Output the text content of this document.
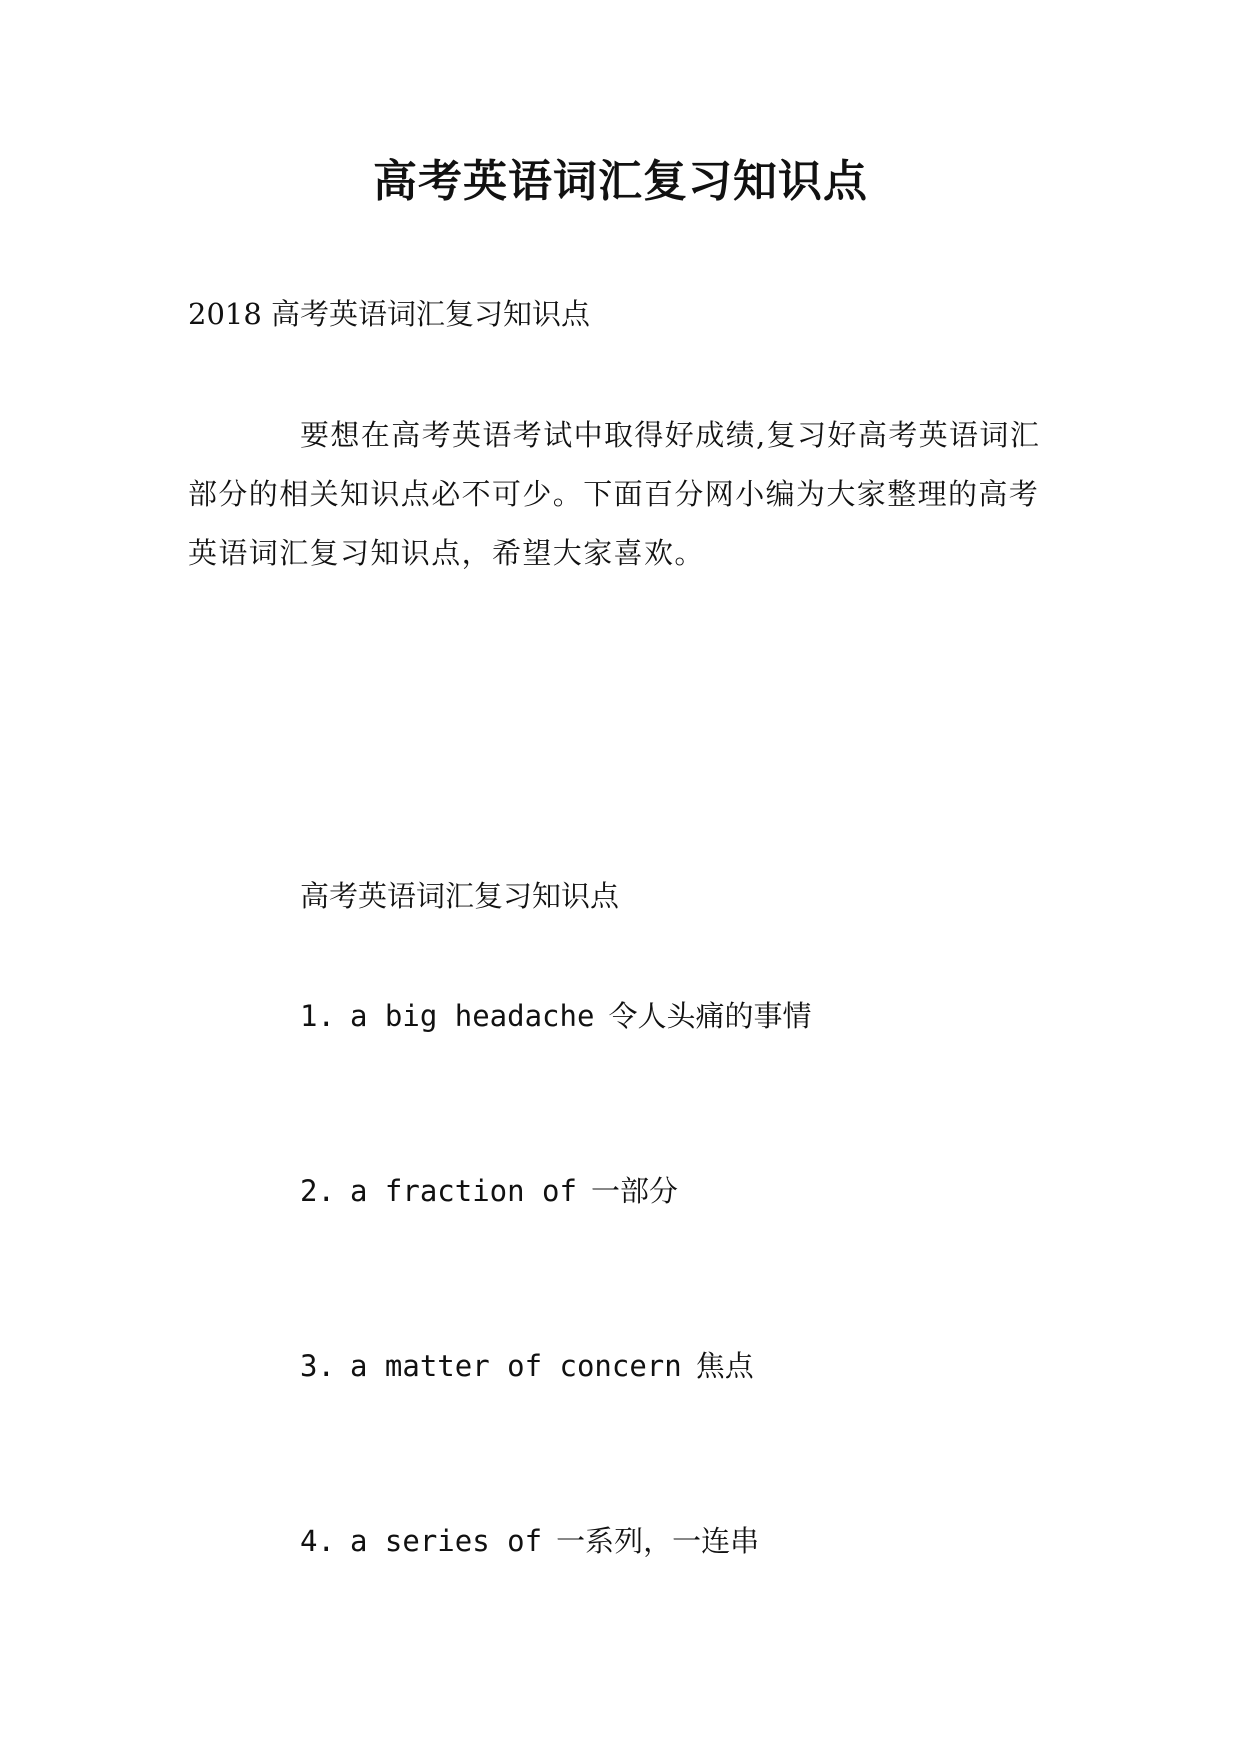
高考英语词汇复习知识点
2018 高考英语词汇复习知识点

要想在高考英语考试中取得好成绩,复习好高考英语词汇部分的相关知识点必不可少。下面百分网小编为大家整理的高考英语词汇复习知识点，希望大家喜欢。

高考英语词汇复习知识点
1. a big headache 令人头痛的事情
2. a fraction of 一部分
3. a matter of concern 焦点
4. a series of 一系列，一连串
